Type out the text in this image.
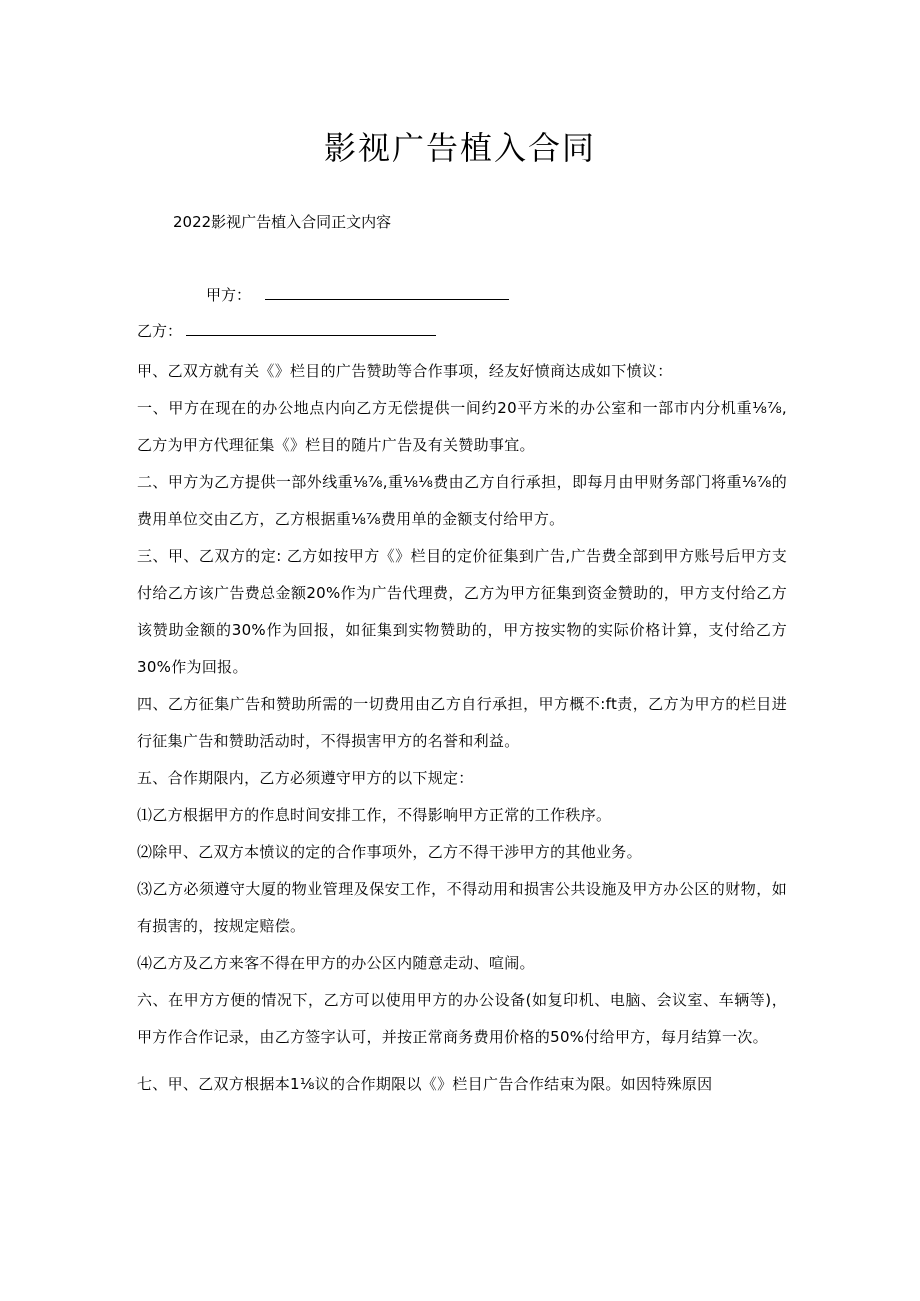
影视广告植入合同
2022影视广告植入合同正文内容
甲方：
乙方：

甲、乙双方就有关《》栏目的广告赞助等合作事项，经友好愤商达成如下愤议：

一、甲方在现在的办公地点内向乙方无偿提供一间约20平方米的办公室和一部市内分机重⅛⅞,乙方为甲方代理征集《》栏目的随片广告及有关赞助事宜。

二、甲方为乙方提供一部外线重⅛⅞,重⅛⅛费由乙方自行承担，即每月由甲财务部门将重⅛⅞的费用单位交由乙方，乙方根据重⅛⅞费用单的金额支付给甲方。

三、甲、乙双方的定: 乙方如按甲方《》栏目的定价征集到广告,广告费全部到甲方账号后甲方支付给乙方该广告费总金额20%作为广告代理费，乙方为甲方征集到资金赞助的，甲方支付给乙方该赞助金额的30%作为回报，如征集到实物赞助的，甲方按实物的实际价格计算，支付给乙方30%作为回报。

四、乙方征集广告和赞助所需的一切费用由乙方自行承担，甲方概不:ft责，乙方为甲方的栏目进行征集广告和赞助活动时，不得损害甲方的名誉和利益。

五、合作期限内，乙方必须遵守甲方的以下规定：

⑴乙方根据甲方的作息时间安排工作，不得影响甲方正常的工作秩序。

⑵除甲、乙双方本愤议的定的合作事项外，乙方不得干涉甲方的其他业务。

⑶乙方必须遵守大厦的物业管理及保安工作，不得动用和损害公共设施及甲方办公区的财物，如有损害的，按规定赔偿。

⑷乙方及乙方来客不得在甲方的办公区内随意走动、喧闹。

六、在甲方方便的情况下，乙方可以使用甲方的办公设备(如复印机、电脑、会议室、车辆等)，甲方作合作记录，由乙方签字认可，并按正常商务费用价格的50%付给甲方，每月结算一次。

七、甲、乙双方根据本1⅛议的合作期限以《》栏目广告合作结束为限。如因特殊原因
